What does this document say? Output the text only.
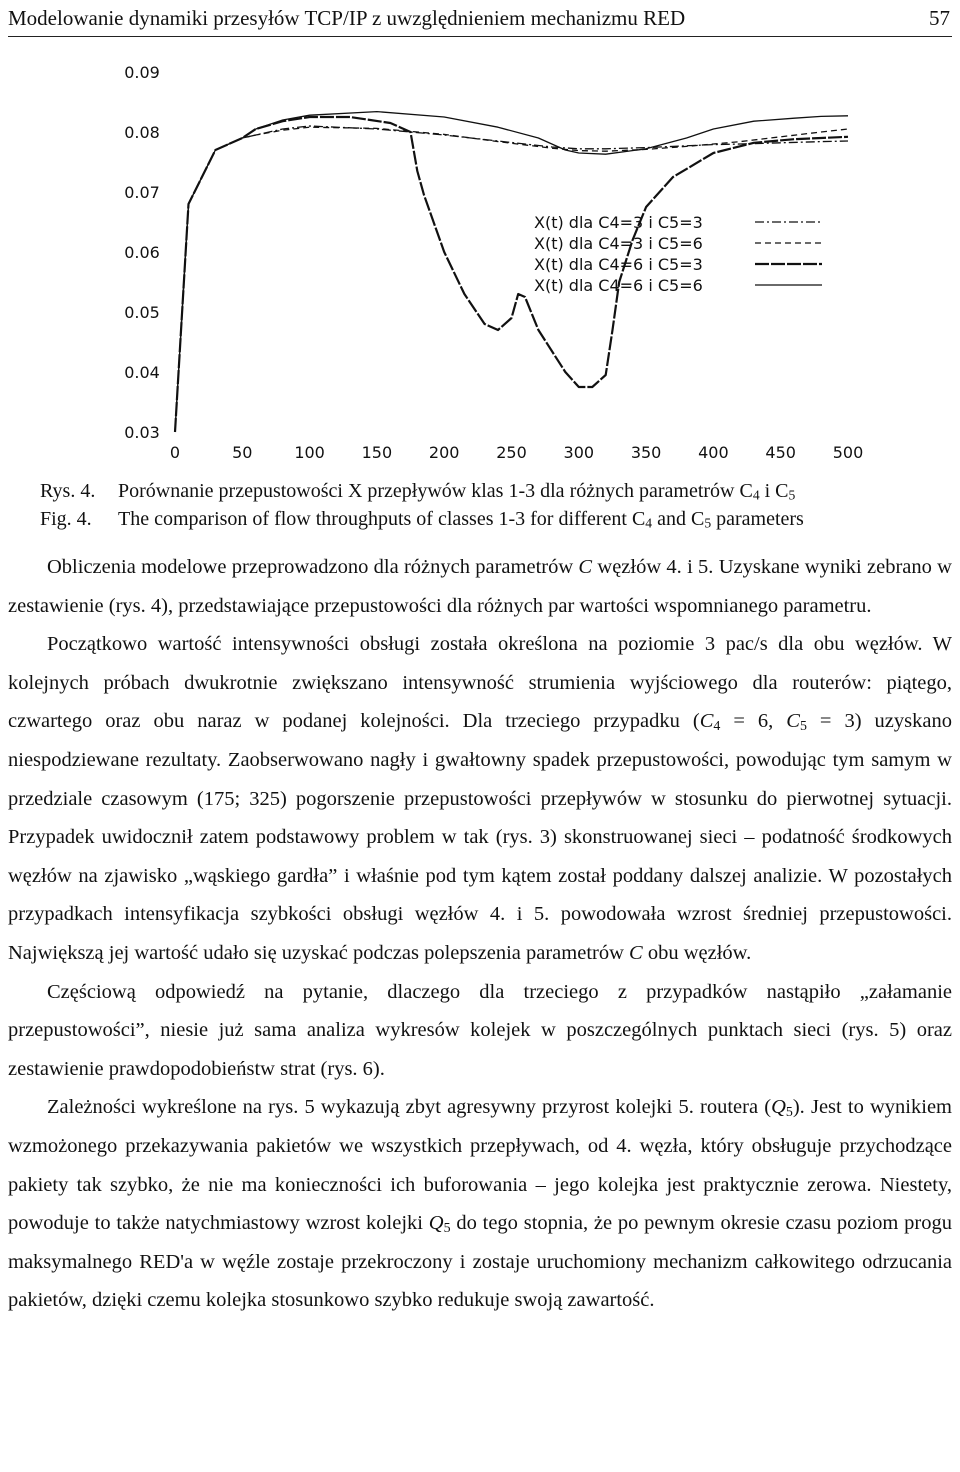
Modelowanie dynamiki przesyłów TCP/IP z uwzględnieniem mechanizmu RED	57
0.09
0.08
0.07
0.06
0.05
0.04
0.03
0	50	100 150 200 250 300 350 400 450 500
X(t) dla C4=3 i C5=3
X(t) dla C4=3 i C5=6
X(t) dla C4=6 i C5=3
X(t) dla C4=6 i C5=6
Rys. 4. Porównanie przepustowości X przepływów klas 1-3 dla różnych parametrów $C_4$ i $C_5$
Fig. 4. The comparison of flow throughputs of classes 1-3 for different $C_4$ and $C_5$ parameters

Obliczenia modelowe przeprowadzono dla różnych parametrów C węzłów 4. i 5. Uzyskane wyniki zebrano w zestawienie (rys. 4), przedstawiające przepustowości dla różnych par wartości wspomnianego parametru.

Początkowo wartość intensywności obsługi została określona na poziomie 3 pac/s dla obu węzłów. W kolejnych próbach dwukrotnie zwiększano intensywność strumienia wyjściowego dla routerów: piątego, czwartego oraz obu naraz w podanej kolejności. Dla trzeciego przypadku ($C_4 = 6$, $C_5 = 3$) uzyskano niespodziewane rezultaty. Zaobserwowano nagły i gwałtowny spadek przepustowości, powodując tym samym w przedziale czasowym (175; 325) pogorszenie przepustowości przepływów w stosunku do pierwotnej sytuacji. Przypadek uwidocznił zatem podstawowy problem w tak (rys. 3) skonstruowanej sieci – podatność środkowych węzłów na zjawisko „wąskiego gardła” i właśnie pod tym kątem został poddany dalszej analizie. W pozostałych przypadkach intensyfikacja szybkości obsługi węzłów 4. i 5. powodowała wzrost średniej przepustowości. Największą jej wartość udało się uzyskać podczas polepszenia parametrów C obu węzłów.

Częściową odpowiedź na pytanie, dlaczego dla trzeciego z przypadków nastąpiło „załamanie przepustowości”, niesie już sama analiza wykresów kolejek w poszczególnych punktach sieci (rys. 5) oraz zestawienie prawdopodobieństw strat (rys. 6).

Zależności wykreślone na rys. 5 wykazują zbyt agresywny przyrost kolejki 5. routera $(Q_5)$. Jest to wynikiem wzmożonego przekazywania pakietów we wszystkich przepływach, od 4. węzła, który obsługuje przychodzące pakiety tak szybko, że nie ma konieczności ich buforowania – jego kolejka jest praktycznie zerowa. Niestety, powoduje to także natychmiastowy wzrost kolejki $Q_5$ do tego stopnia, że po pewnym okresie czasu poziom progu maksymalnego RED'a w węźle zostaje przekroczony i zostaje uruchomiony mechanizm całkowitego odrzucania pakietów, dzięki czemu kolejka stosunkowo szybko redukuje swoją zawartość.
